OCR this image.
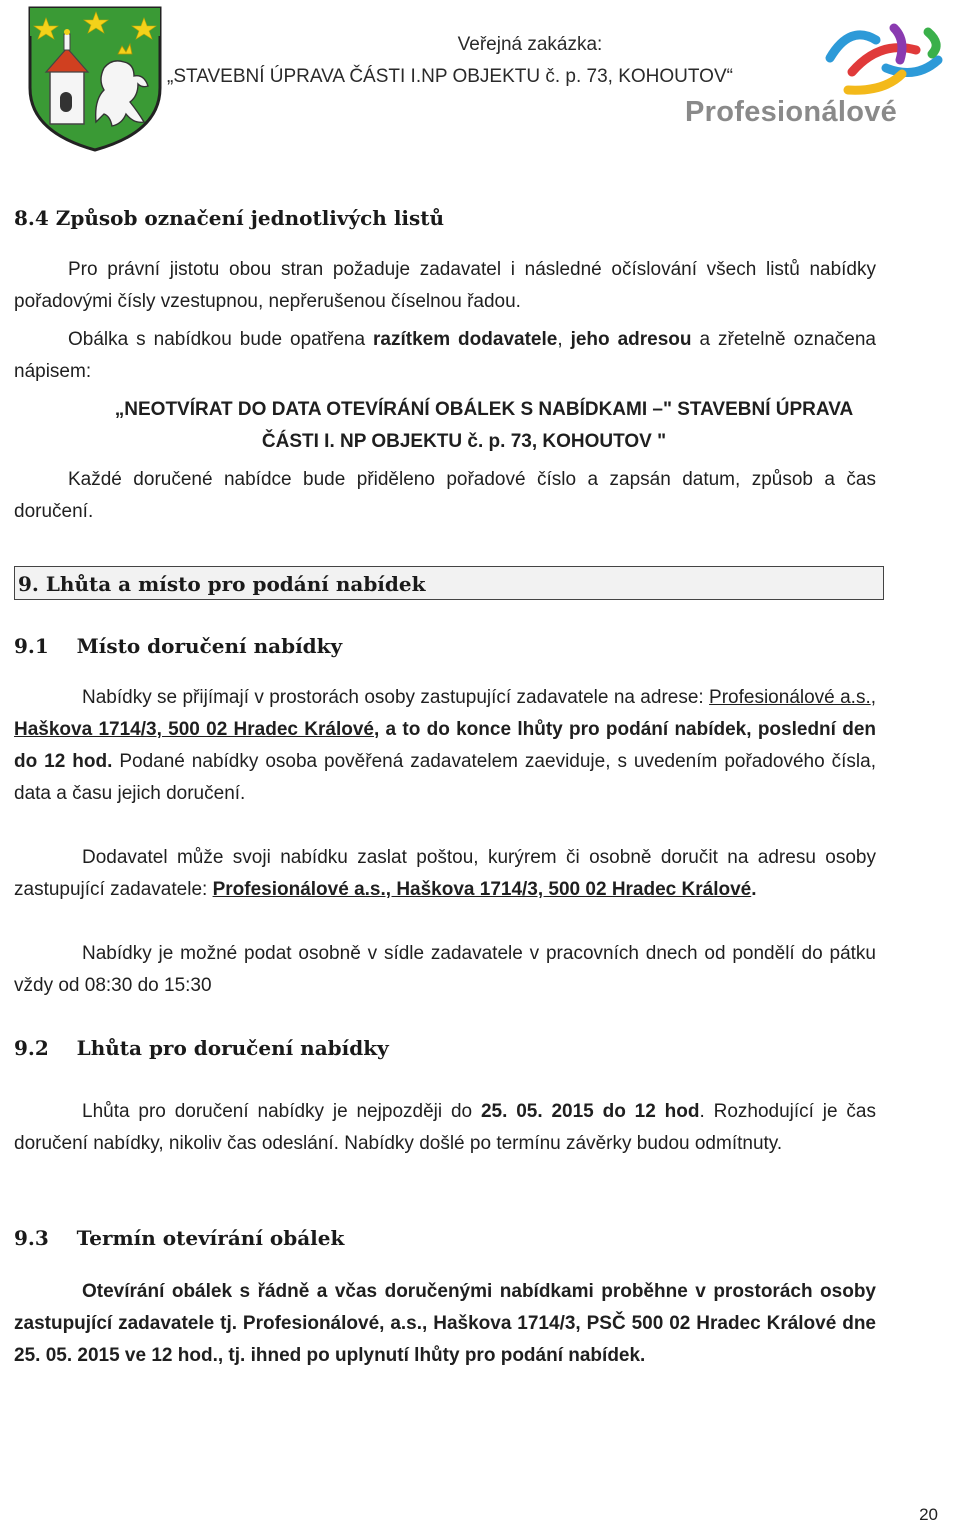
Veřejná zakázka:
„STAVEBNÍ ÚPRAVA ČÁSTI I.NP OBJEKTU č. p. 73, KOHOUTOV“
Profesionálové
8.4 Způsob označení jednotlivých listů
Pro právní jistotu obou stran požaduje zadavatel i následné očíslování všech listů nabídky pořadovými čísly vzestupnou, nepřerušenou číselnou řadou.
Obálka s nabídkou bude opatřena razítkem dodavatele, jeho adresou a zřetelně označena nápisem:
„NEOTVÍRAT DO DATA OTEVÍRÁNÍ OBÁLEK S NABÍDKAMI –" STAVEBNÍ ÚPRAVA
ČÁSTI I. NP OBJEKTU č. p. 73, KOHOUTOV "
Každé doručené nabídce bude přiděleno pořadové číslo a zapsán datum, způsob a čas doručení.
9. Lhůta a místo pro podání nabídek
9.1    Místo doručení nabídky
Nabídky se přijímají v prostorách osoby zastupující zadavatele na adrese: Profesionálové a.s., Haškova 1714/3, 500 02 Hradec Králové, a to do konce lhůty pro podání nabídek, poslední den do 12 hod. Podané nabídky osoba pověřená zadavatelem zaeviduje, s uvedením pořadového čísla, data a času jejich doručení.
Dodavatel může svoji nabídku zaslat poštou, kurýrem či osobně doručit na adresu osoby zastupující zadavatele: Profesionálové a.s., Haškova 1714/3, 500 02 Hradec Králové.
Nabídky je možné podat osobně v sídle zadavatele v pracovních dnech od pondělí do pátku vždy od 08:30 do 15:30
9.2    Lhůta pro doručení nabídky
Lhůta pro doručení nabídky je nejpozději do 25. 05. 2015 do 12 hod. Rozhodující je čas doručení nabídky, nikoliv čas odeslání. Nabídky došlé po termínu závěrky budou odmítnuty.
9.3    Termín otevírání obálek
Otevírání obálek s řádně a včas doručenými nabídkami proběhne v prostorách osoby zastupující zadavatele tj. Profesionálové, a.s., Haškova 1714/3, PSČ 500 02 Hradec Králové dne 25. 05. 2015 ve 12 hod., tj. ihned po uplynutí lhůty pro podání nabídek.
20
